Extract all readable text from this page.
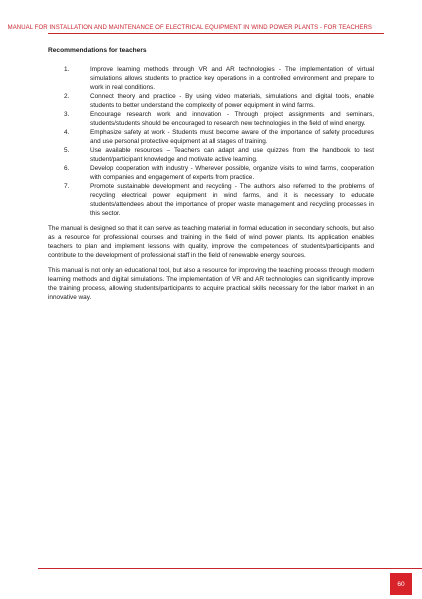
MANUAL FOR INSTALLATION AND MAINTENANCE OF ELECTRICAL EQUIPMENT IN WIND POWER PLANTS - FOR TEACHERS
Recommendations for teachers
1.	Improve learning methods through VR and AR technologies - The implementation of virtual simulations allows students to practice key operations in a controlled environment and prepare to work in real conditions.
2.	Connect theory and practice - By using video materials, simulations and digital tools, enable students to better understand the complexity of power equipment in wind farms.
3.	Encourage research work and innovation - Through project assignments and seminars, students/students should be encouraged to research new technologies in the field of wind energy.
4.	Emphasize safety at work - Students must become aware of the importance of safety procedures and use personal protective equipment at all stages of training.
5.	Use available resources – Teachers can adapt and use quizzes from the handbook to test student/participant knowledge and motivate active learning.
6.	Develop cooperation with industry - Wherever possible, organize visits to wind farms, cooperation with companies and engagement of experts from practice.
7.	Promote sustainable development and recycling - The authors also referred to the problems of recycling electrical power equipment in wind farms, and it is necessary to educate students/attendees about the importance of proper waste management and recycling processes in this sector.

The manual is designed so that it can serve as teaching material in formal education in secondary schools, but also as a resource for professional courses and training in the field of wind power plants. Its application enables teachers to plan and implement lessons with quality, improve the competences of students/participants and contribute to the development of professional staff in the field of renewable energy sources.

This manual is not only an educational tool, but also a resource for improving the teaching process through modern learning methods and digital simulations. The implementation of VR and AR technologies can significantly improve the training process, allowing students/participants to acquire practical skills necessary for the labor market in an innovative way.

60
